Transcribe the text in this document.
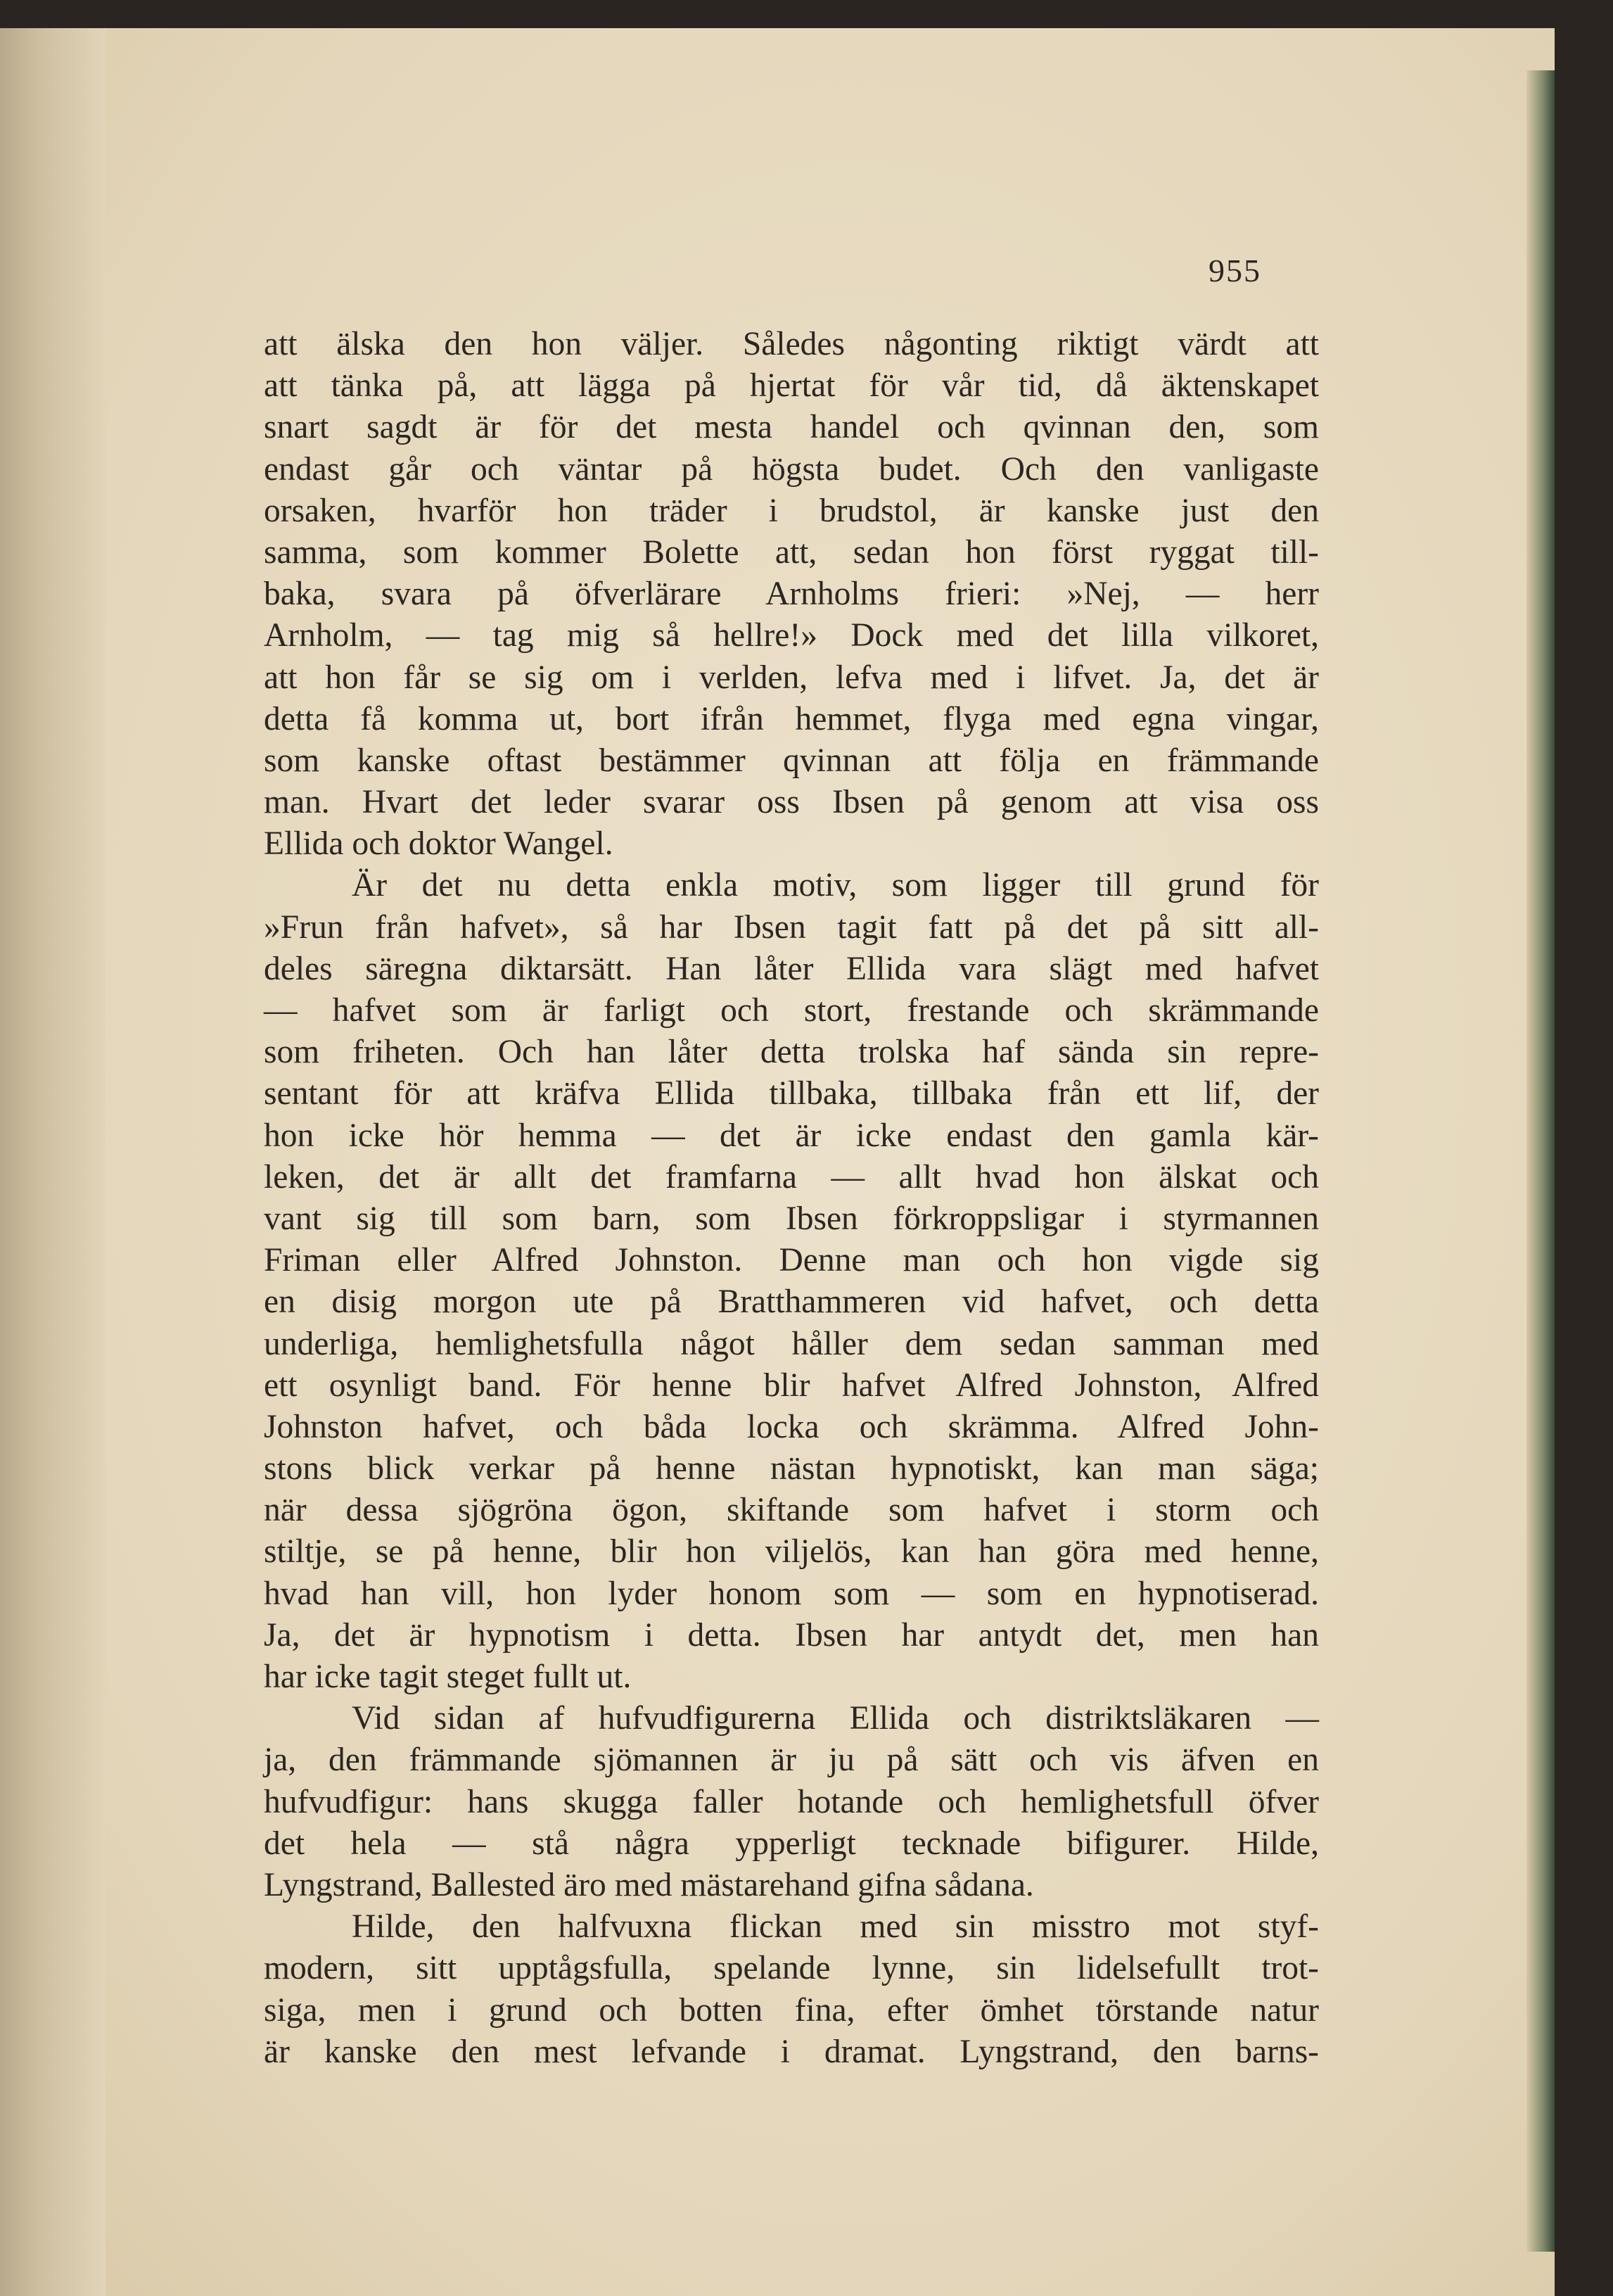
955
att älska den hon väljer. Således någonting riktigt värdt att
att tänka på, att lägga på hjertat för vår tid, då äktenskapet
snart sagdt är för det mesta handel och qvinnan den, som
endast går och väntar på högsta budet. Och den vanligaste
orsaken, hvarför hon träder i brudstol, är kanske just den
samma, som kommer Bolette att, sedan hon först ryggat till-
baka, svara på öfverlärare Arnholms frieri: »Nej, — herr
Arnholm, — tag mig så hellre!» Dock med det lilla vilkoret,
att hon får se sig om i verlden, lefva med i lifvet. Ja, det är
detta få komma ut, bort ifrån hemmet, flyga med egna vingar,
som kanske oftast bestämmer qvinnan att följa en främmande
man. Hvart det leder svarar oss Ibsen på genom att visa oss
Ellida och doktor Wangel.
Är det nu detta enkla motiv, som ligger till grund för
»Frun från hafvet», så har Ibsen tagit fatt på det på sitt all-
deles säregna diktarsätt. Han låter Ellida vara slägt med hafvet
— hafvet som är farligt och stort, frestande och skrämmande
som friheten. Och han låter detta trolska haf sända sin repre-
sentant för att kräfva Ellida tillbaka, tillbaka från ett lif, der
hon icke hör hemma — det är icke endast den gamla kär-
leken, det är allt det framfarna — allt hvad hon älskat och
vant sig till som barn, som Ibsen förkroppsligar i styrmannen
Friman eller Alfred Johnston. Denne man och hon vigde sig
en disig morgon ute på Bratthammeren vid hafvet, och detta
underliga, hemlighetsfulla något håller dem sedan samman med
ett osynligt band. För henne blir hafvet Alfred Johnston, Alfred
Johnston hafvet, och båda locka och skrämma. Alfred John-
stons blick verkar på henne nästan hypnotiskt, kan man säga;
när dessa sjögröna ögon, skiftande som hafvet i storm och
stiltje, se på henne, blir hon viljelös, kan han göra med henne,
hvad han vill, hon lyder honom som — som en hypnotiserad.
Ja, det är hypnotism i detta. Ibsen har antydt det, men han
har icke tagit steget fullt ut.
Vid sidan af hufvudfigurerna Ellida och distriktsläkaren —
ja, den främmande sjömannen är ju på sätt och vis äfven en
hufvudfigur: hans skugga faller hotande och hemlighetsfull öfver
det hela — stå några ypperligt tecknade bifigurer. Hilde,
Lyngstrand, Ballested äro med mästarehand gifna sådana.
Hilde, den halfvuxna flickan med sin misstro mot styf-
modern, sitt upptågsfulla, spelande lynne, sin lidelsefullt trot-
siga, men i grund och botten fina, efter ömhet törstande natur
är kanske den mest lefvande i dramat. Lyngstrand, den barns-
